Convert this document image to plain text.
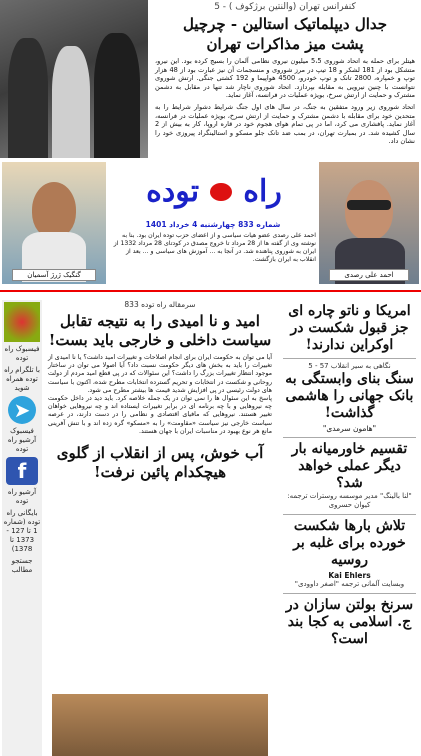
کنفرانس تهران (والنتین برژکوف ) - 5
جدال دیپلماتیک استالین - چرچیل
پشت میز مذاکرات تهران
هیتلر برای حمله به اتحاد شوروی 5،5 میلیون نیروی نظامی آلمان را بسیج کرده بود. این نیرو، متشکل بود از 181 لشکر و 18 تیپ در مرز شوروی و منسجمات آن نیز عبارت بود از 48 هزار توپ و خمپاره، 2800 تانک و توپ خودرو، 4500 هواپیما و 192 کشتی جنگی. ارتش شوروی نتوانست با چنین نیرویی به مقابله بپردازد. اتحاد شوروی ناچار شد تنها در مقابل به دشمن مشترک و حمایت از ارتش سرخ، بویژه عملیات در فرانسه، آغاز نماید.
اتحاد شوروی زیر ورود متفقین به جنگ، در سال های اول جنگ شرایط دشوار شرایط را به متحدین خود برای مقابله با دشمن مشترک و حمایت از ارتش سرخ، بویژه عملیات در فرانسه، آغاز نماید. پافشاری می کرد، اما در پی تمام هوای هجوم خود در قاره اروپا، کار به بیش از 2 سال کشیده شد. در بمبارت تهران، در بمب ضد تانک جلو مسکو و استالینگراد پیروزی خود را نشان داد.
گنگیک ژرژ آسمیان
راه  توده
شماره 833 چهارشنبه 4 خرداد 1401
احمد علی رصدی عضو هیات سیاسی و از اعضای حزب توده ایران بود. بنا به نوشته وی از گفته ها از 28 مرداد تا خروج مصدق در کودتای 28 مرداد 1332 از ایران به شوروی پناهنده شد. در آنجا به ... آموزش های سیاسی و ... بعد از انقلاب به ایران بازگشت.
احمد علی رصدی
فیسبوک راه توده
با تلگرام راه توده همراه شوید
➤
فیسبوک آرشیو راه توده
f
آرشیو راه توده
بایگانی راه توده (شماره 1 تا 127 - 1373 تا 1378)
جستجو مطالب
سرمقاله راه توده 833
امید و نا امیدی را به نتیجه تقابل سیاست داخلی و خارجی باید بست!
آیا می توان به حکومت ایران برای انجام اصلاحات و تغییرات امید داشت؟ یا نا امیدی از تغییرات را باید به بخش های دیگر حکومت نسبت داد؟ آیا اصولا می توان در ساختار موجود انتظار تغییرات بزرگ را داشت؟ این سئوالات که در پی قطع امید مردم از دولت روحانی و شکست در انتخابات و تحریم گسترده انتخابات مطرح شده، اکنون با سیاست های دولت رئیسی در پی افزایش شدید قیمت ها بیشتر مطرح می شود.
پاسخ به این سئوال ها را نمی توان در یک جمله خلاصه کرد. باید دید در داخل حکومت چه نیروهایی و با چه برنامه ای در برابر تغییرات ایستاده اند و چه نیروهایی خواهان تغییر هستند. نیروهایی که مافیای اقتصادی و نظامی را در دست دارند، در عرصه سیاست خارجی نیز سیاست «مقاومت» را به «مسکو» گره زده اند و با تنش آفرینی مانع هر نوع بهبود در مناسبات ایران با جهان هستند.
آب خوش، پس از انقلاب از گلوی هیچکدام پائین نرفت!
امریکا و ناتو چاره ای جز قبول شکست در اوکراین ندارند!
نگاهی به سیر انقلاب 57 - 5
سنگ بنای وابستگی به بانک جهانی را هاشمی گذاشت!
"هامون سرمدی"
تقسیم خاورمیانه بار دیگر عملی خواهد شد؟
"لنا بالینگ" مدیر موسسه روسترات ترجمه: کیوان حسروی
تلاش بارها شکست خورده برای غلبه بر روسیه
Kai Ehlers
وبسایت آلمانی ترجمه "اصغر داوودی"
سرنخ بولتن سازان در ج. اسلامی به کجا بند است؟
